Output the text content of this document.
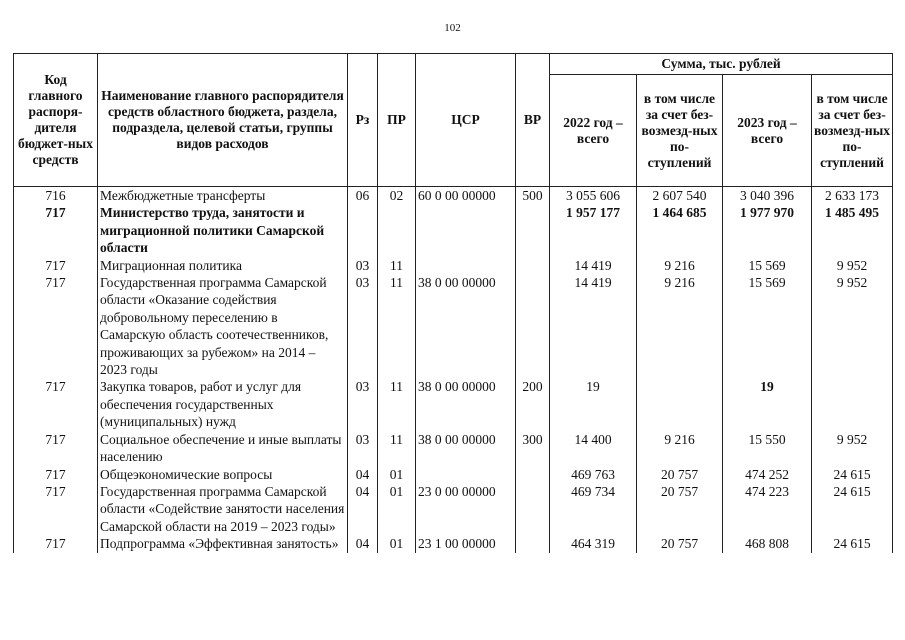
102
Код главного распоря-дителя бюджет-ных средств	Наименование главного распорядителя средств областного бюджета, раздела, подраздела, целевой статьи, группы видов расходов	Рз	ПР	ЦСР	ВР	Сумма, тыс. рублей			
						2022 год – всего	в том числе за счет без-возмезд-ных по-ступлений	2023 год – всего	в том числе за счет без-возмезд-ных по-ступлений
716	Межбюджетные трансферты	06	02	60 0 00 00000	500	3 055 606	2 607 540	3 040 396	2 633 173
717	Министерство труда, занятости и миграционной политики Самарской области					1 957 177	1 464 685	1 977 970	1 485 495
717	Миграционная политика	03	11			14 419	9 216	15 569	9 952
717	Государственная программа Самарской области «Оказание содействия добровольному переселению в Самарскую область соотечественников, проживающих за рубежом» на 2014 – 2023 годы	03	11	38 0 00 00000		14 419	9 216	15 569	9 952
717	Закупка товаров, работ и услуг для обеспечения государственных (муниципальных) нужд	03	11	38 0 00 00000	200	19		19	
717	Социальное обеспечение и иные выплаты населению	03	11	38 0 00 00000	300	14 400	9 216	15 550	9 952
717	Общеэкономические вопросы	04	01			469 763	20 757	474 252	24 615
717	Государственная программа Самарской области «Содействие занятости населения Самарской области на 2019 – 2023 годы»	04	01	23 0 00 00000		469 734	20 757	474 223	24 615
717	Подпрограмма «Эффективная занятость»	04	01	23 1 00 00000		464 319	20 757	468 808	24 615
